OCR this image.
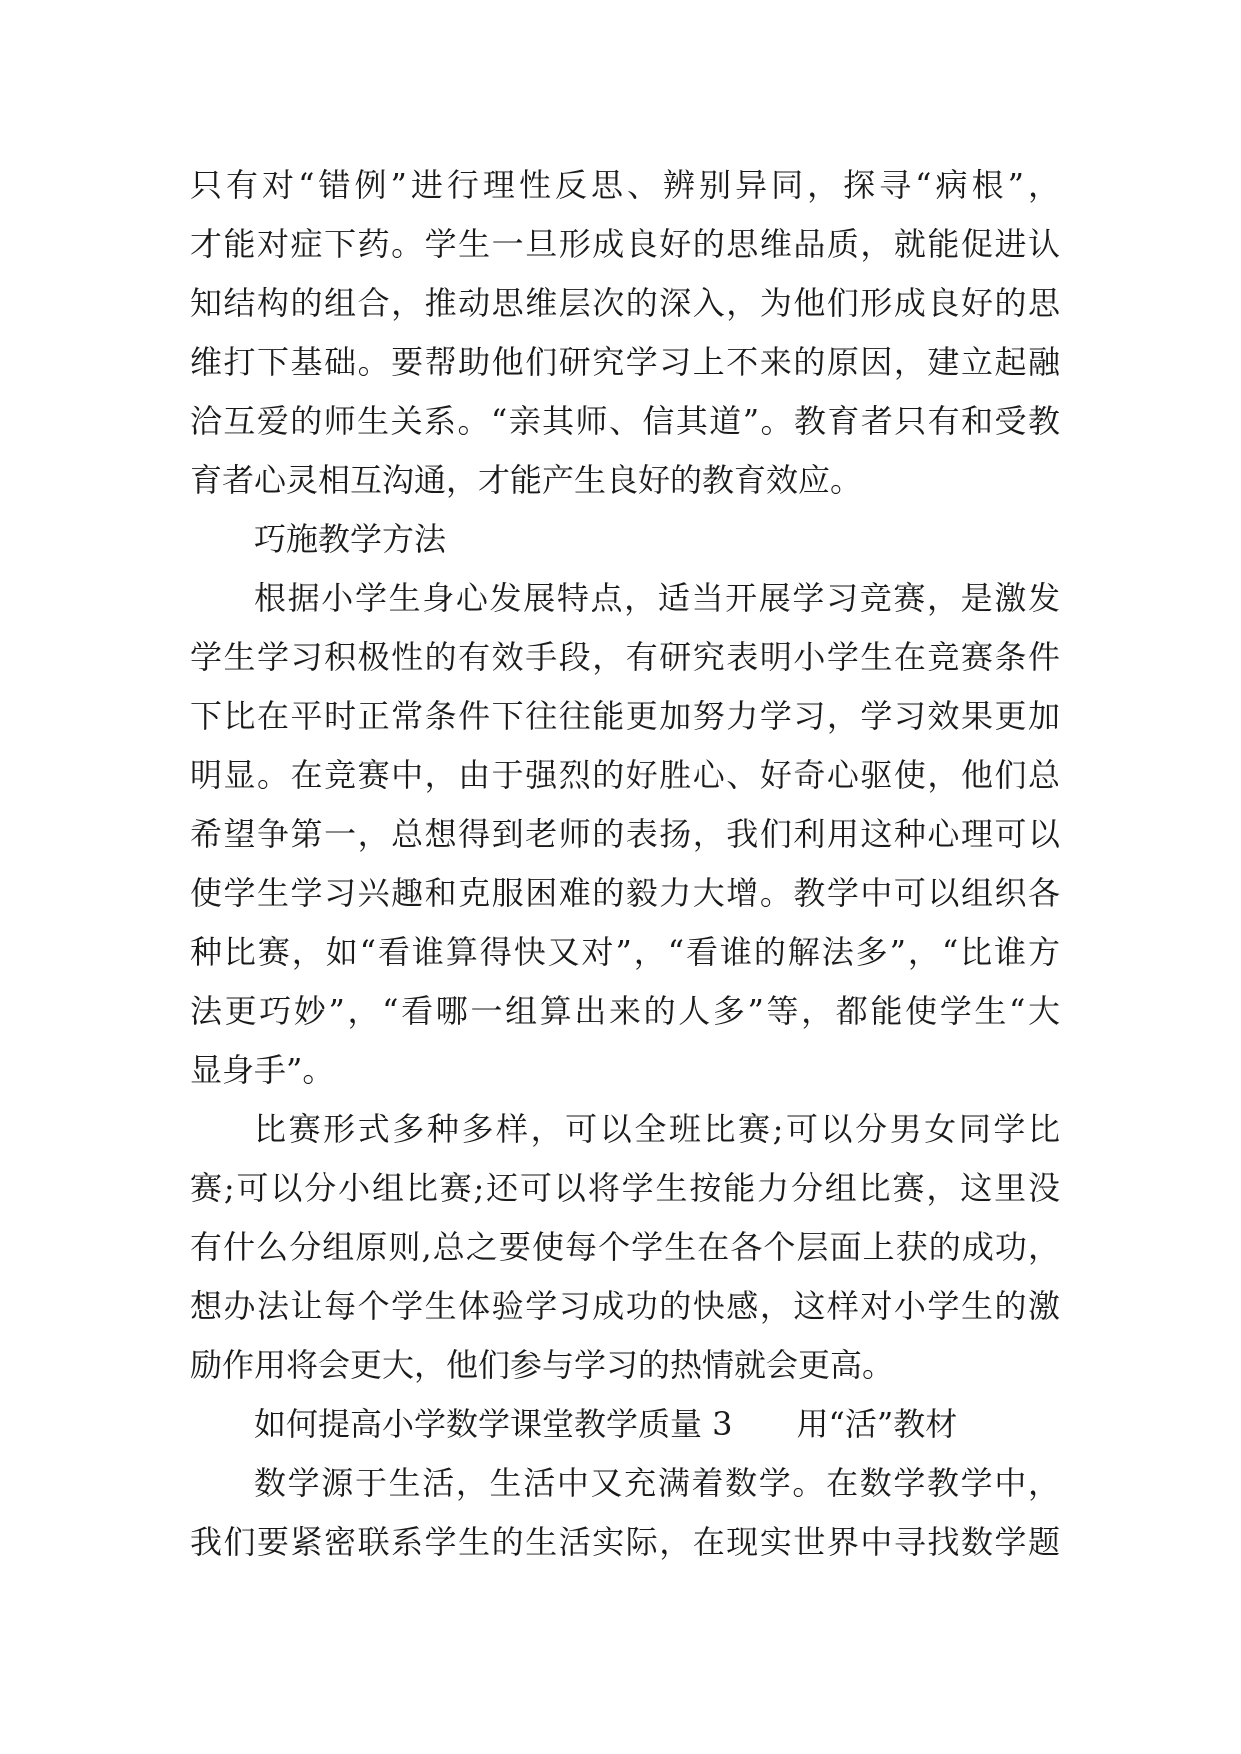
只有对“错例”进行理性反思、辨别异同，探寻“病根”，
才能对症下药。学生一旦形成良好的思维品质，就能促进认
知结构的组合，推动思维层次的深入，为他们形成良好的思
维打下基础。要帮助他们研究学习上不来的原因，建立起融
洽互爱的师生关系。“亲其师、信其道”。教育者只有和受教
育者心灵相互沟通，才能产生良好的教育效应。
巧施教学方法
根据小学生身心发展特点，适当开展学习竞赛，是激发
学生学习积极性的有效手段，有研究表明小学生在竞赛条件
下比在平时正常条件下往往能更加努力学习，学习效果更加
明显。在竞赛中，由于强烈的好胜心、好奇心驱使，他们总
希望争第一，总想得到老师的表扬，我们利用这种心理可以
使学生学习兴趣和克服困难的毅力大增。教学中可以组织各
种比赛，如“看谁算得快又对”，“看谁的解法多”，“比谁方
法更巧妙”，“看哪一组算出来的人多”等，都能使学生“大
显身手”。
比赛形式多种多样，可以全班比赛;可以分男女同学比
赛;可以分小组比赛;还可以将学生按能力分组比赛，这里没
有什么分组原则,总之要使每个学生在各个层面上获的成功，
想办法让每个学生体验学习成功的快感，这样对小学生的激
励作用将会更大，他们参与学习的热情就会更高。
如何提高小学数学课堂教学质量 3　　用“活”教材
数学源于生活，生活中又充满着数学。在数学教学中，
我们要紧密联系学生的生活实际，在现实世界中寻找数学题
